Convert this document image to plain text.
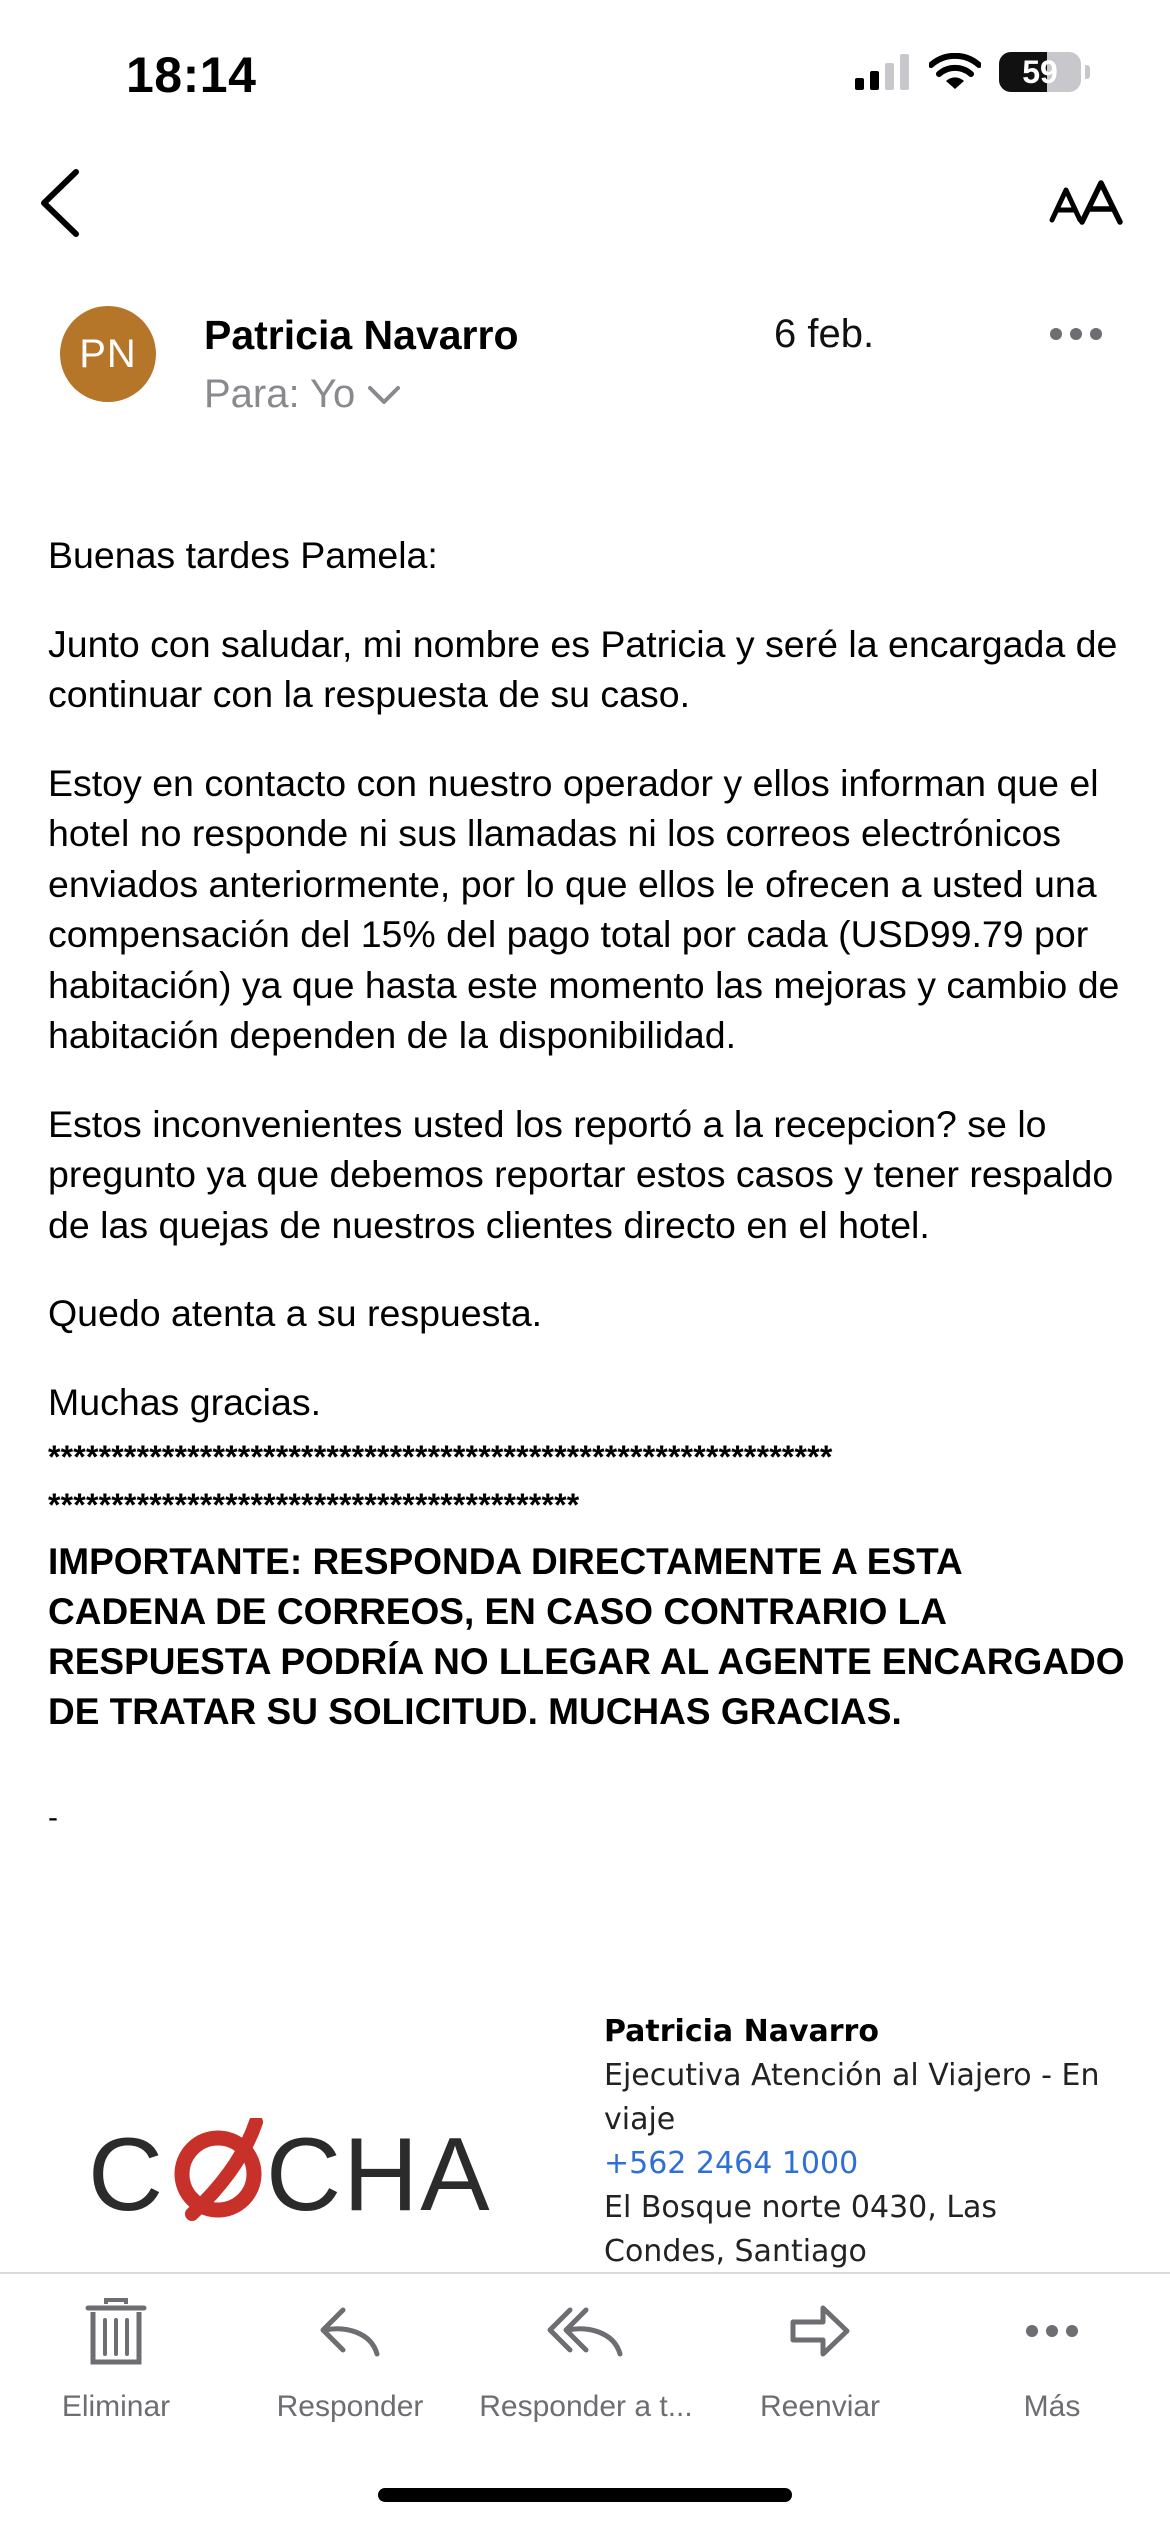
18:14	59
PN	Patricia Navarro
Para: Yo
6 feb.

Buenas tardes Pamela:

Junto con saludar, mi nombre es Patricia y seré la encargada de continuar con la respuesta de su caso.

Estoy en contacto con nuestro operador y ellos informan que el hotel no responde ni sus llamadas ni los correos electrónicos enviados anteriormente, por lo que ellos le ofrecen a usted una compensación del 15% del pago total por cada (USD99.79 por habitación) ya que hasta este momento las mejoras y cambio de habitación dependen de la disponibilidad.

Estos inconvenientes usted los reportó a la recepcion? se lo pregunto ya que debemos reportar estos casos y tener respaldo de las quejas de nuestros clientes directo en el hotel.

Quedo atenta a su respuesta.

Muchas gracias.

**************************************************************
******************************************
IMPORTANTE: RESPONDA DIRECTAMENTE A ESTA CADENA DE CORREOS, EN CASO CONTRARIO LA RESPUESTA PODRÍA NO LLEGAR AL AGENTE ENCARGADO DE TRATAR SU SOLICITUD. MUCHAS GRACIAS.
-
C CHA
Patricia Navarro
Ejecutiva Atención al Viajero - En viaje
+562 2464 1000
El Bosque norte 0430, Las Condes, Santiago
Eliminar	Responder Responder a t... Reenviar	Más
